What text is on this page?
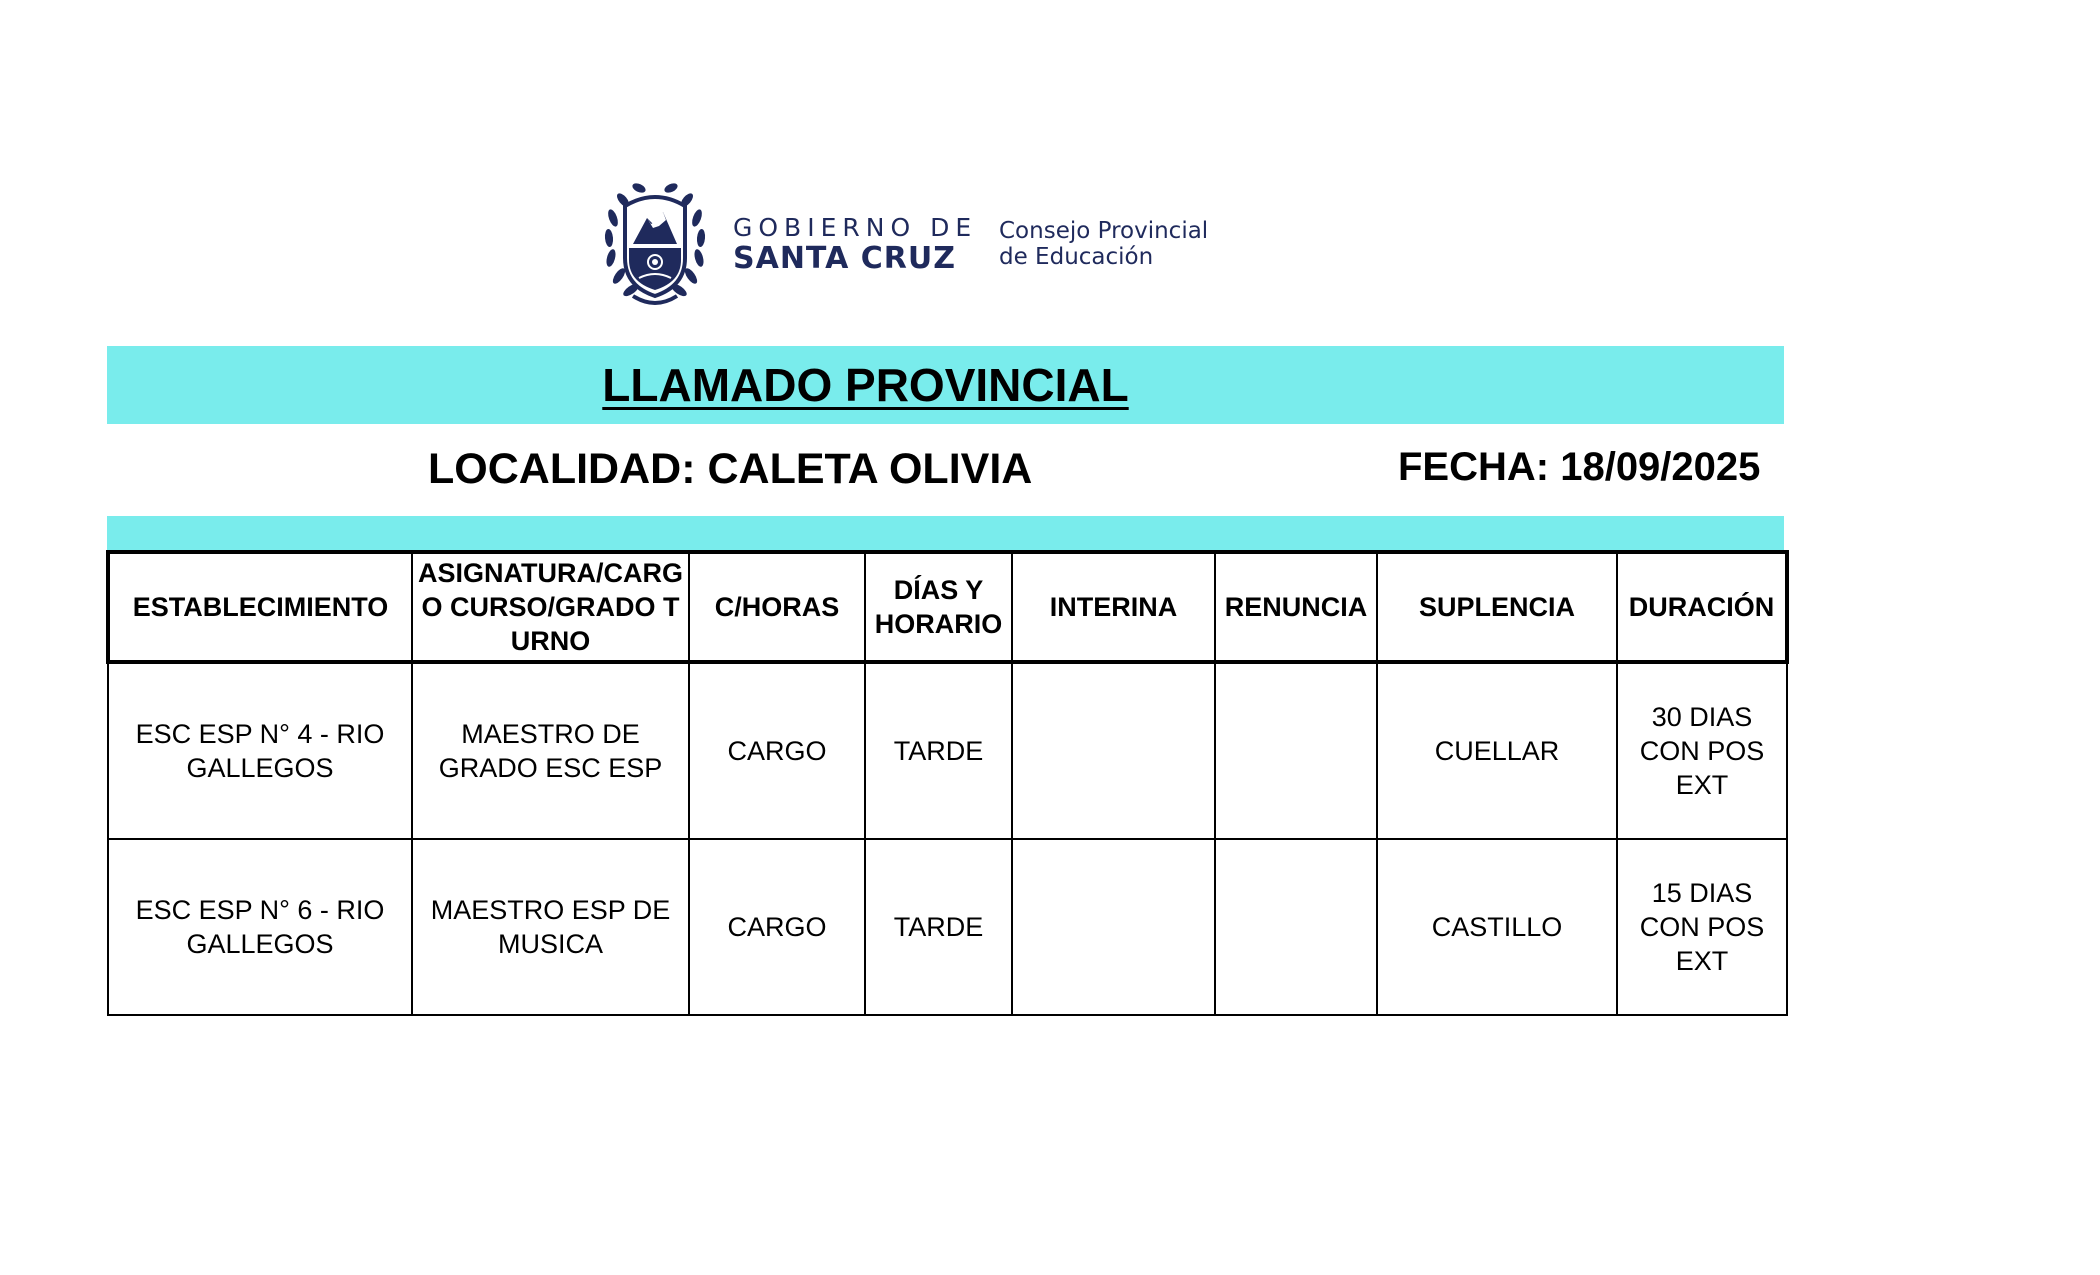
GOBIERNO DE
SANTA CRUZ
Consejo Provincial
de Educación
LLAMADO PROVINCIAL
LOCALIDAD: CALETA OLIVIA	FECHA: 18/09/2025
ESTABLECIMIENTO	ASIGNATURA/CARGO CURSO/GRADO TURNO	C/HORAS	DÍAS Y HORARIO	INTERINA	RENUNCIA	SUPLENCIA	DURACIÓN
ESC ESP N° 4 - RIO GALLEGOS	MAESTRO DE GRADO ESC ESP	CARGO	TARDE			CUELLAR	30 DIAS CON POS EXT
ESC ESP N° 6 - RIO GALLEGOS	MAESTRO ESP DE MUSICA	CARGO	TARDE			CASTILLO	15 DIAS CON POS EXT
